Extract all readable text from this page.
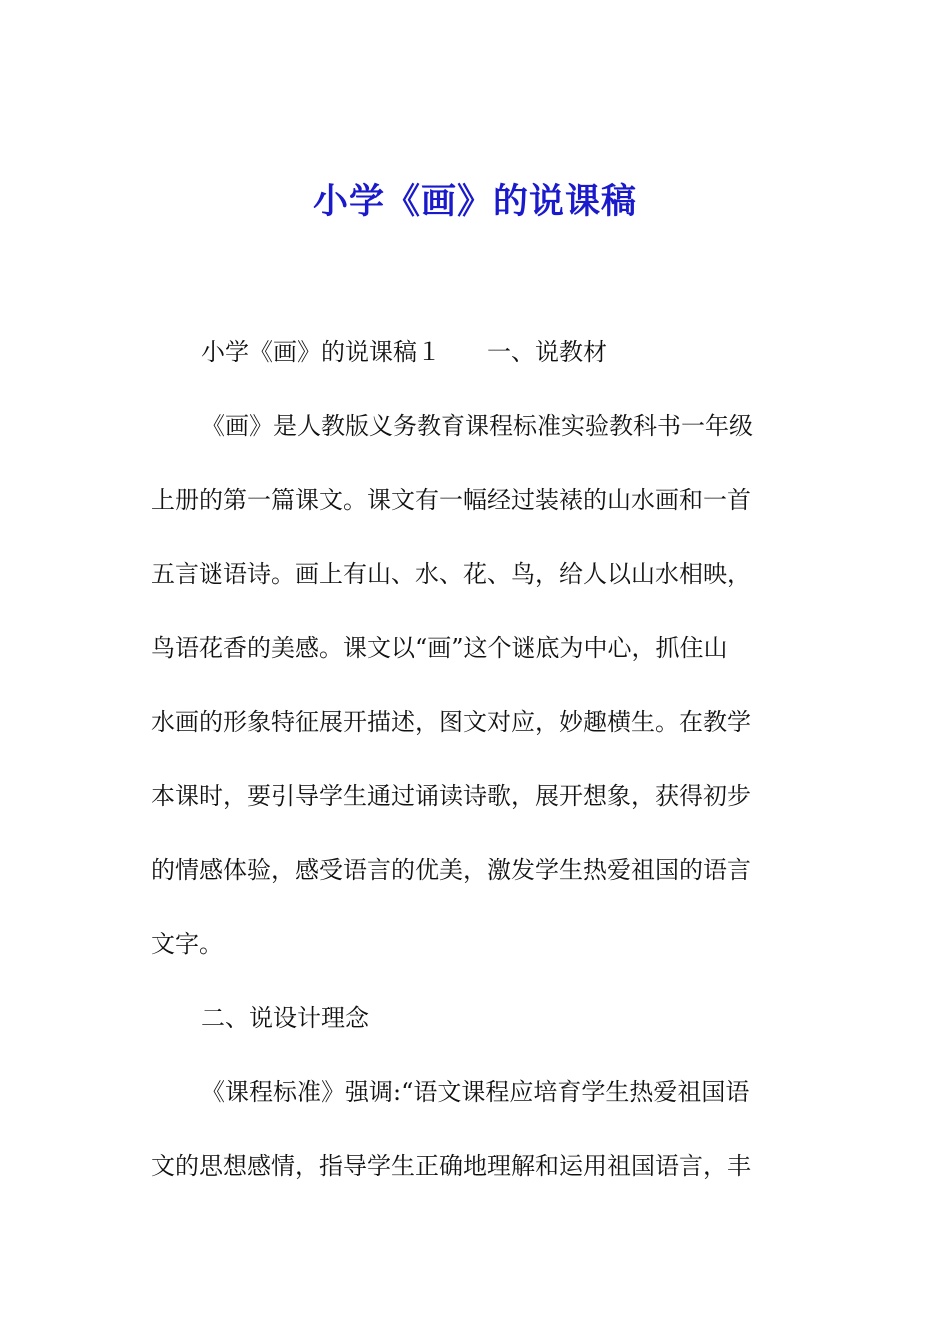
小学《画》的说课稿
小学《画》的说课稿１ 一、说教材
《画》是人教版义务教育课程标准实验教科书一年级
上册的第一篇课文。课文有一幅经过装裱的山水画和一首
五言谜语诗。画上有山、水、花、鸟，给人以山水相映，
鸟语花香的美感。课文以“画”这个谜底为中心，抓住山
水画的形象特征展开描述，图文对应，妙趣横生。在教学
本课时，要引导学生通过诵读诗歌，展开想象，获得初步
的情感体验，感受语言的优美，激发学生热爱祖国的语言
文字。
二、说设计理念
《课程标准》强调:“语文课程应培育学生热爱祖国语
文的思想感情，指导学生正确地理解和运用祖国语言，丰
